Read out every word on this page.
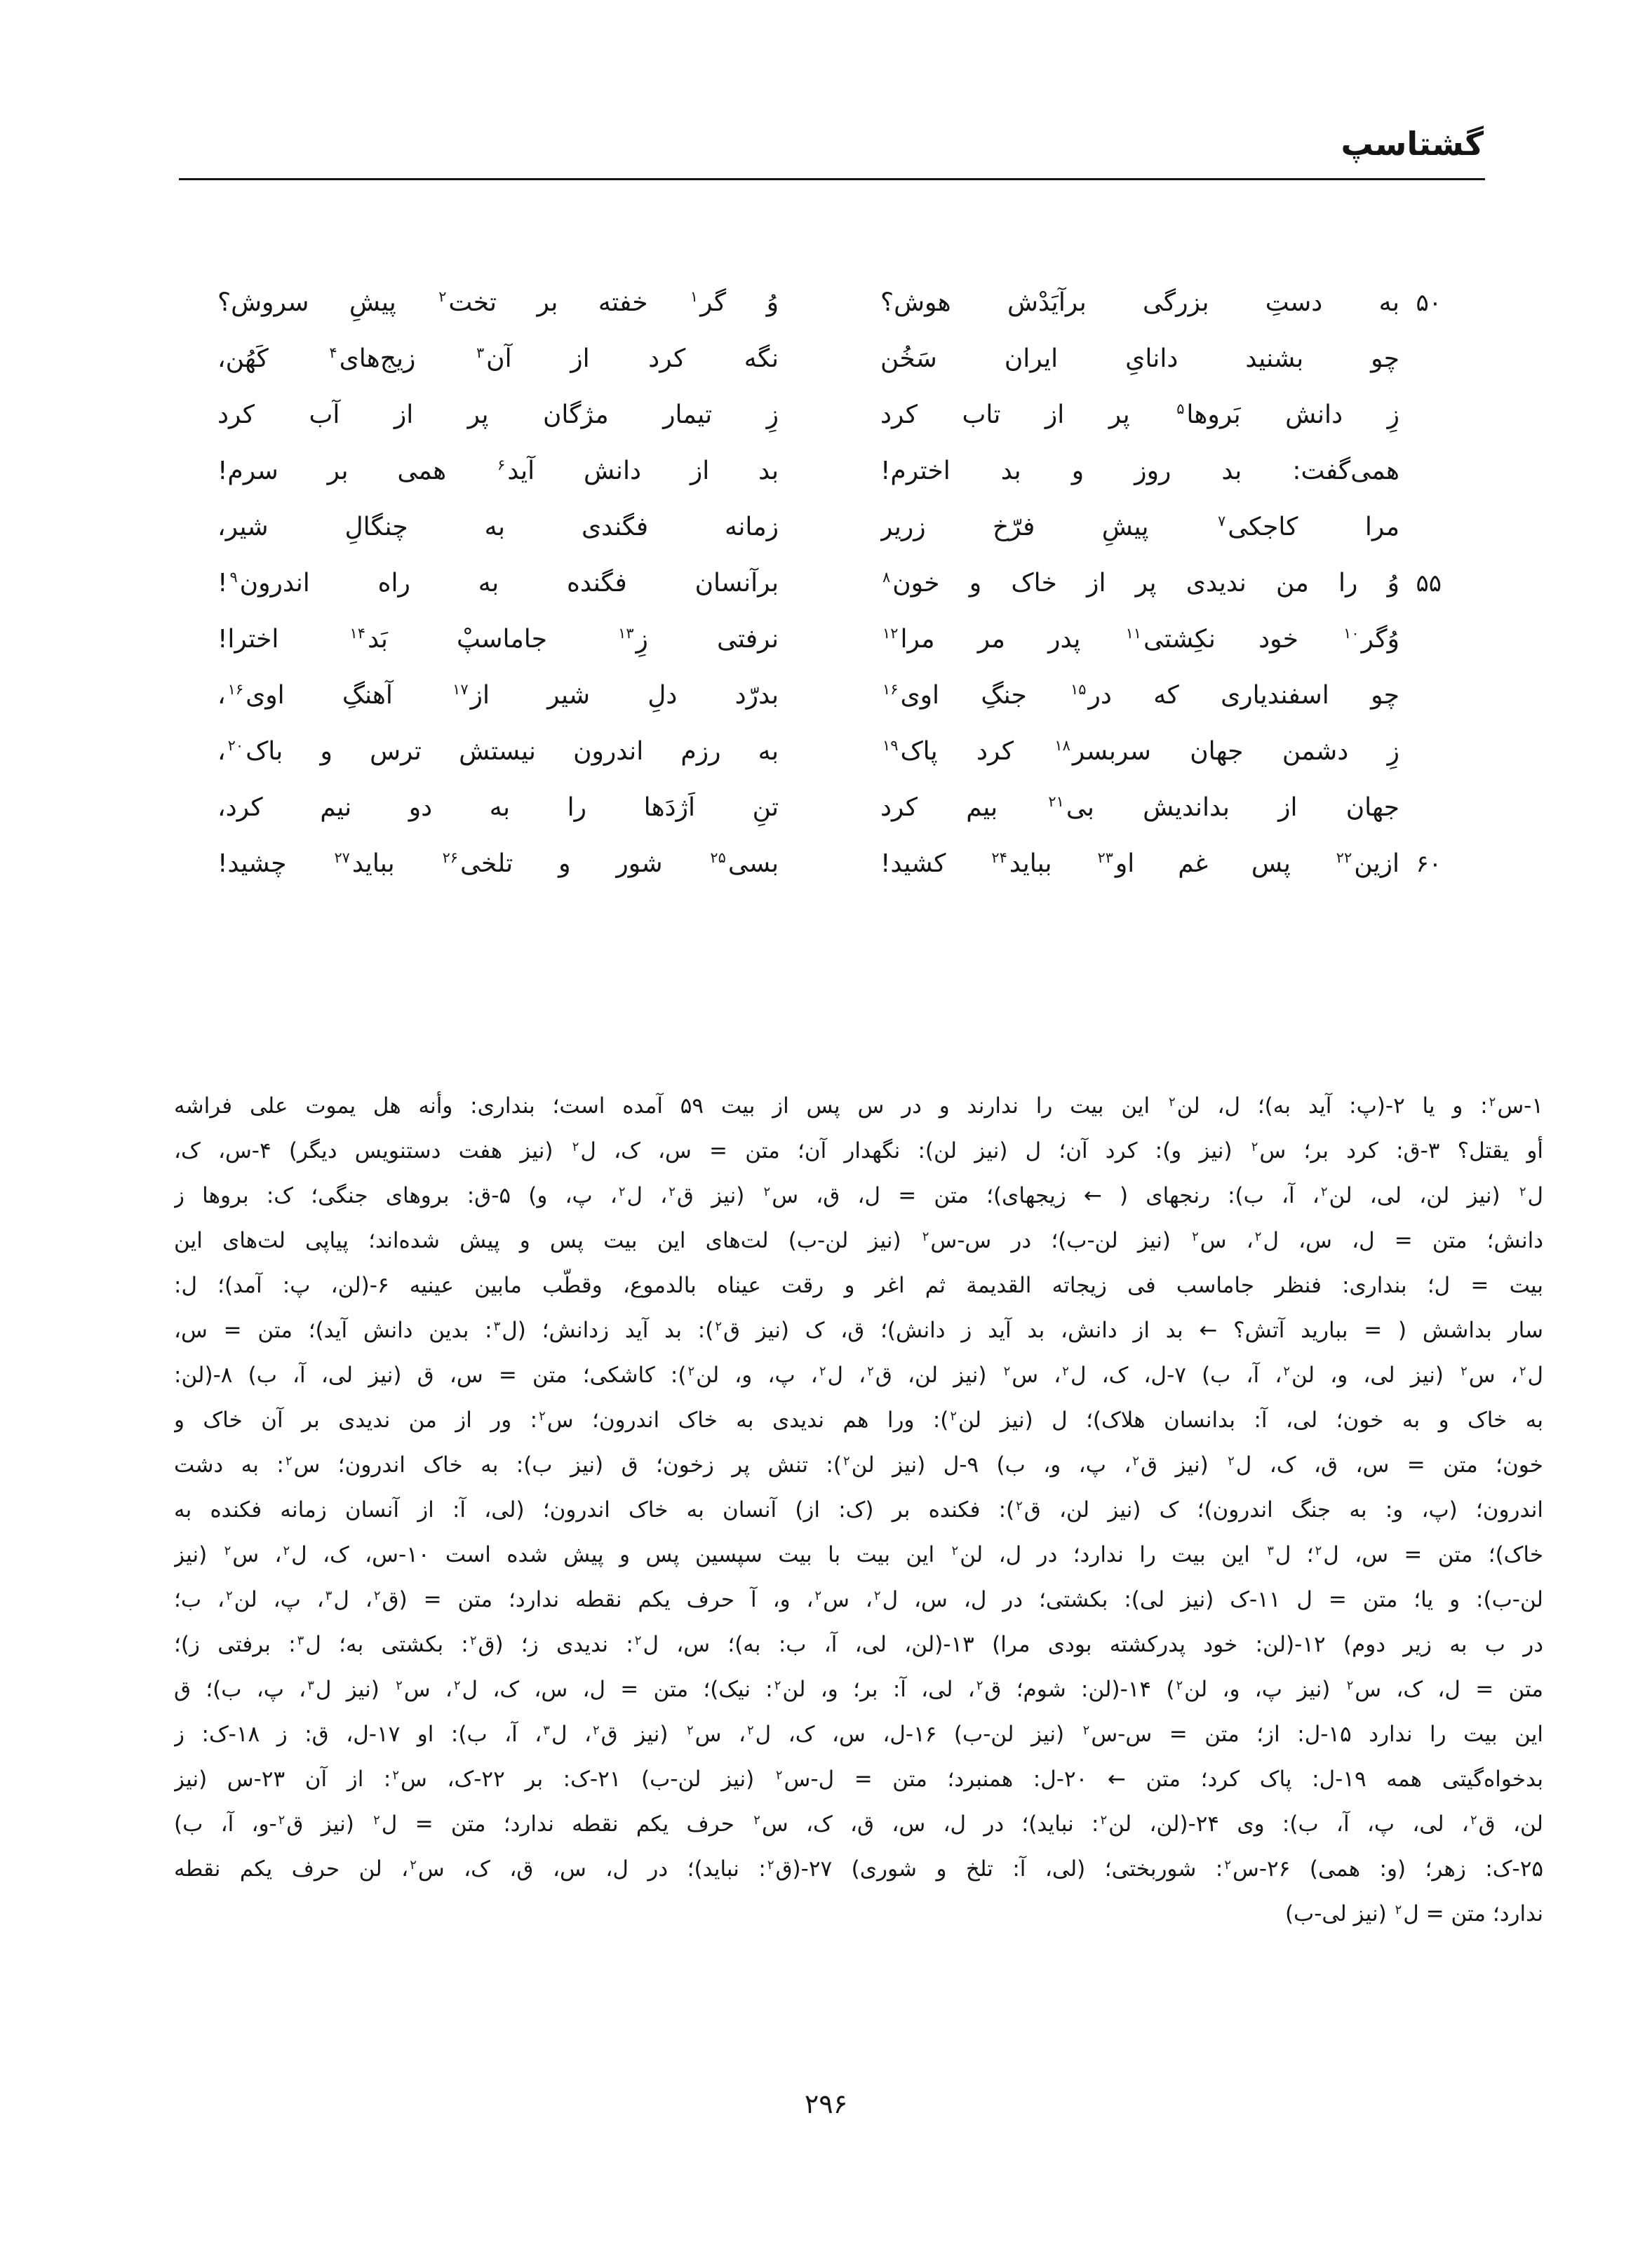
گشتاسپ
۵۰
به دستِ بزرگی برآیَدْش هوش؟
وُ گر$^۱$ خفته بر تخت$^۲$ پیشِ سروش؟
چو بشنید دانایِ ایران سَخُن
نگه کرد از آن$^۳$ زیج‌های$^۴$ کَهُن،
زِ دانش بَروها$^۵$ پر از تاب کرد
زِ تیمار مژگان پر از آب کرد
همی‌گفت: بد روز و بد اخترم!
بد از دانش آید$^۶$ همی بر سرم!
مرا کاجکی$^۷$ پیشِ فرّخ زریر
زمانه فگندی به چنگالِ شیر،
۵۵
وُ را من ندیدی پر از خاک و خون$^۸$
برآنسان فگنده به راه اندرون$^۹$!
وُگر$^{۱۰}$ خود نکِشتی$^{۱۱}$ پدر مر مرا$^{۱۲}$
نرفتی زِ$^{۱۳}$ جاماسپْ بَد$^{۱۴}$ اخترا!
چو اسفندیاری که در$^{۱۵}$ جنگِ اوی$^{۱۶}$
بدرّد دلِ شیر از$^{۱۷}$ آهنگِ اوی$^{۱۶}$،
زِ دشمن جهان سربسر$^{۱۸}$ کرد پاک$^{۱۹}$
به رزم اندرون نیستش ترس و باک$^{۲۰}$،
جهان از بداندیش بی$^{۲۱}$ بیم کرد
تنِ اَژدَها را به دو نیم کرد،
۶۰
ازین$^{۲۲}$ پس غم او$^{۲۳}$ بباید$^{۲۴}$ کشید!
بسی$^{۲۵}$ شور و تلخی$^{۲۶}$ بباید$^{۲۷}$ چشید!
۱-س$^۲$: و یا ۲-(پ: آید به)؛ ل، لن$^۲$ این بیت را ندارند و در س پس از بیت ۵۹ آمده است؛ بنداری: وأنه هل یموت علی فراشه
أو یقتل؟ ۳-ق: کرد بر؛ س$^۲$ (نیز و): کرد آن؛ ل (نیز لن): نگهدار آن؛ متن = س، ک، ل$^۲$ (نیز هفت دستنویس دیگر) ۴-س، ک،
ل$^۲$ (نیز لن، لی، لن$^۲$، آ، ب): رنجهای ( ← زیجهای)؛ متن = ل، ق، س$^۲$ (نیز ق$^۲$، ل$^۲$، پ، و) ۵-ق: بروهای جنگی؛ ک: بروها ز
دانش؛ متن = ل، س، ل$^۲$، س$^۲$ (نیز لن-ب)؛ در س-س$^۲$ (نیز لن-ب) لت‌های این بیت پس و پیش شده‌اند؛ پیاپی لت‌های این
بیت = ل؛ بنداری: فنظر جاماسب فی زیجاته القدیمة ثم اغر و رقت عیناه بالدموع، وقطّب مابین عینیه ۶-(لن، پ: آمد)؛ ل:
سار بداشش ( = ببارید آتش؟ ← بد از دانش، بد آید ز دانش)؛ ق، ک (نیز ق$^۲$): بد آید زدانش؛ (ل$^۳$: بدین دانش آید)؛ متن = س،
ل$^۲$، س$^۲$ (نیز لی، و، لن$^۲$، آ، ب) ۷-ل، ک، ل$^۲$، س$^۲$ (نیز لن، ق$^۲$، ل$^۲$، پ، و، لن$^۲$): کاشکی؛ متن = س، ق (نیز لی، آ، ب) ۸-(لن:
به خاک و به خون؛ لی، آ: بدانسان هلاک)؛ ل (نیز لن$^۲$): ورا هم ندیدی به خاک اندرون؛ س$^۲$: ور از من ندیدی بر آن خاک و
خون؛ متن = س، ق، ک، ل$^۲$ (نیز ق$^۲$، پ، و، ب) ۹-ل (نیز لن$^۲$): تنش پر زخون؛ ق (نیز ب): به خاک اندرون؛ س$^۲$: به دشت
اندرون؛ (پ، و: به جنگ اندرون)؛ ک (نیز لن، ق$^۲$): فکنده بر (ک: از) آنسان به خاک اندرون؛ (لی، آ: از آنسان زمانه فکنده به
خاک)؛ متن = س، ل$^۲$؛ ل$^۳$ این بیت را ندارد؛ در ل، لن$^۲$ این بیت با بیت سپسین پس و پیش شده است ۱۰-س، ک، ل$^۲$، س$^۲$ (نیز
لن-ب): و یا؛ متن = ل ۱۱-ک (نیز لی): بکشتی؛ در ل، س، ل$^۲$، س$^۲$، و، آ حرف یکم نقطه ندارد؛ متن = (ق$^۲$، ل$^۳$، پ، لن$^۲$، ب؛
در ب به زیر دوم) ۱۲-(لن: خود پدرکشته بودی مرا) ۱۳-(لن، لی، آ، ب: به)؛ س، ل$^۲$: ندیدی ز؛ (ق$^۲$: بکشتی به؛ ل$^۳$: برفتی ز)؛
متن = ل، ک، س$^۲$ (نیز پ، و، لن$^۲$) ۱۴-(لن: شوم؛ ق$^۲$، لی، آ: بر؛ و، لن$^۲$: نیک)؛ متن = ل، س، ک، ل$^۲$، س$^۲$ (نیز ل$^۳$، پ، ب)؛ ق
این بیت را ندارد ۱۵-ل: از؛ متن = س-س$^۲$ (نیز لن-ب) ۱۶-ل، س، ک، ل$^۲$، س$^۲$ (نیز ق$^۲$، ل$^۳$، آ، ب): او ۱۷-ل، ق: ز ۱۸-ک: ز
بدخواه‌گیتی همه ۱۹-ل: پاک کرد؛ متن ← ۲۰-ل: همنبرد؛ متن = ل-س$^۲$ (نیز لن-ب) ۲۱-ک: بر ۲۲-ک، س$^۲$: از آن ۲۳-س (نیز
لن، ق$^۲$، لی، پ، آ، ب): وی ۲۴-(لن، لن$^۲$: نباید)؛ در ل، س، ق، ک، س$^۲$ حرف یکم نقطه ندارد؛ متن = ل$^۲$ (نیز ق$^۲$-و، آ، ب)
۲۵-ک: زهر؛ (و: همی) ۲۶-س$^۲$: شوربختی؛ (لی، آ: تلخ و شوری) ۲۷-(ق$^۲$: نباید)؛ در ل، س، ق، ک، س$^۲$، لن حرف یکم نقطه
ندارد؛ متن = ل$^۲$ (نیز لی-ب)
۲۹۶
